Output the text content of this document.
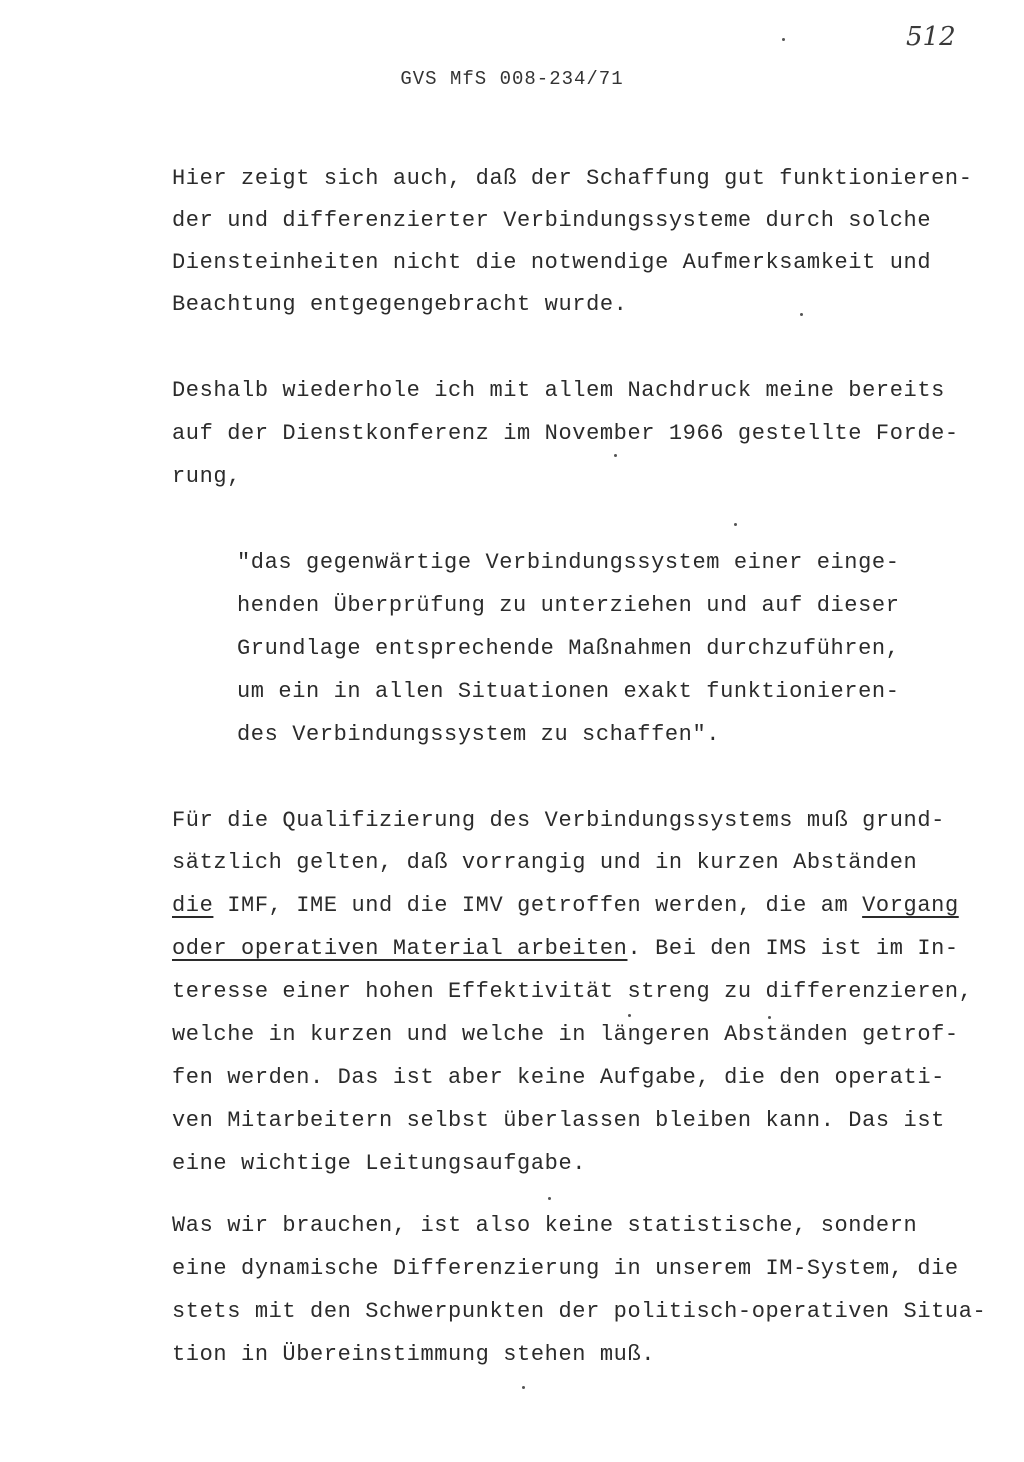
GVS MfS 008-234/71
512
Hier zeigt sich auch, daß der Schaffung gut funktionieren-
der und differenzierter Verbindungssysteme durch solche
Diensteinheiten nicht die notwendige Aufmerksamkeit und
Beachtung entgegengebracht wurde.
Deshalb wiederhole ich mit allem Nachdruck meine bereits
auf der Dienstkonferenz im November 1966 gestellte Forde-
rung,
"das gegenwärtige Verbindungssystem einer einge-
henden Überprüfung zu unterziehen und auf dieser
Grundlage entsprechende Maßnahmen durchzuführen,
um ein in allen Situationen exakt funktionieren-
des Verbindungssystem zu schaffen".
Für die Qualifizierung des Verbindungssystems muß grund-
sätzlich gelten, daß vorrangig und in kurzen Abständen
die IMF, IME und die IMV getroffen werden, die am Vorgang
oder operativen Material arbeiten. Bei den IMS ist im In-
teresse einer hohen Effektivität streng zu differenzieren,
welche in kurzen und welche in längeren Abständen getrof-
fen werden. Das ist aber keine Aufgabe, die den operati-
ven Mitarbeitern selbst überlassen bleiben kann. Das ist
eine wichtige Leitungsaufgabe.
Was wir brauchen, ist also keine statistische, sondern
eine dynamische Differenzierung in unserem IM-System, die
stets mit den Schwerpunkten der politisch-operativen Situa-
tion in Übereinstimmung stehen muß.
